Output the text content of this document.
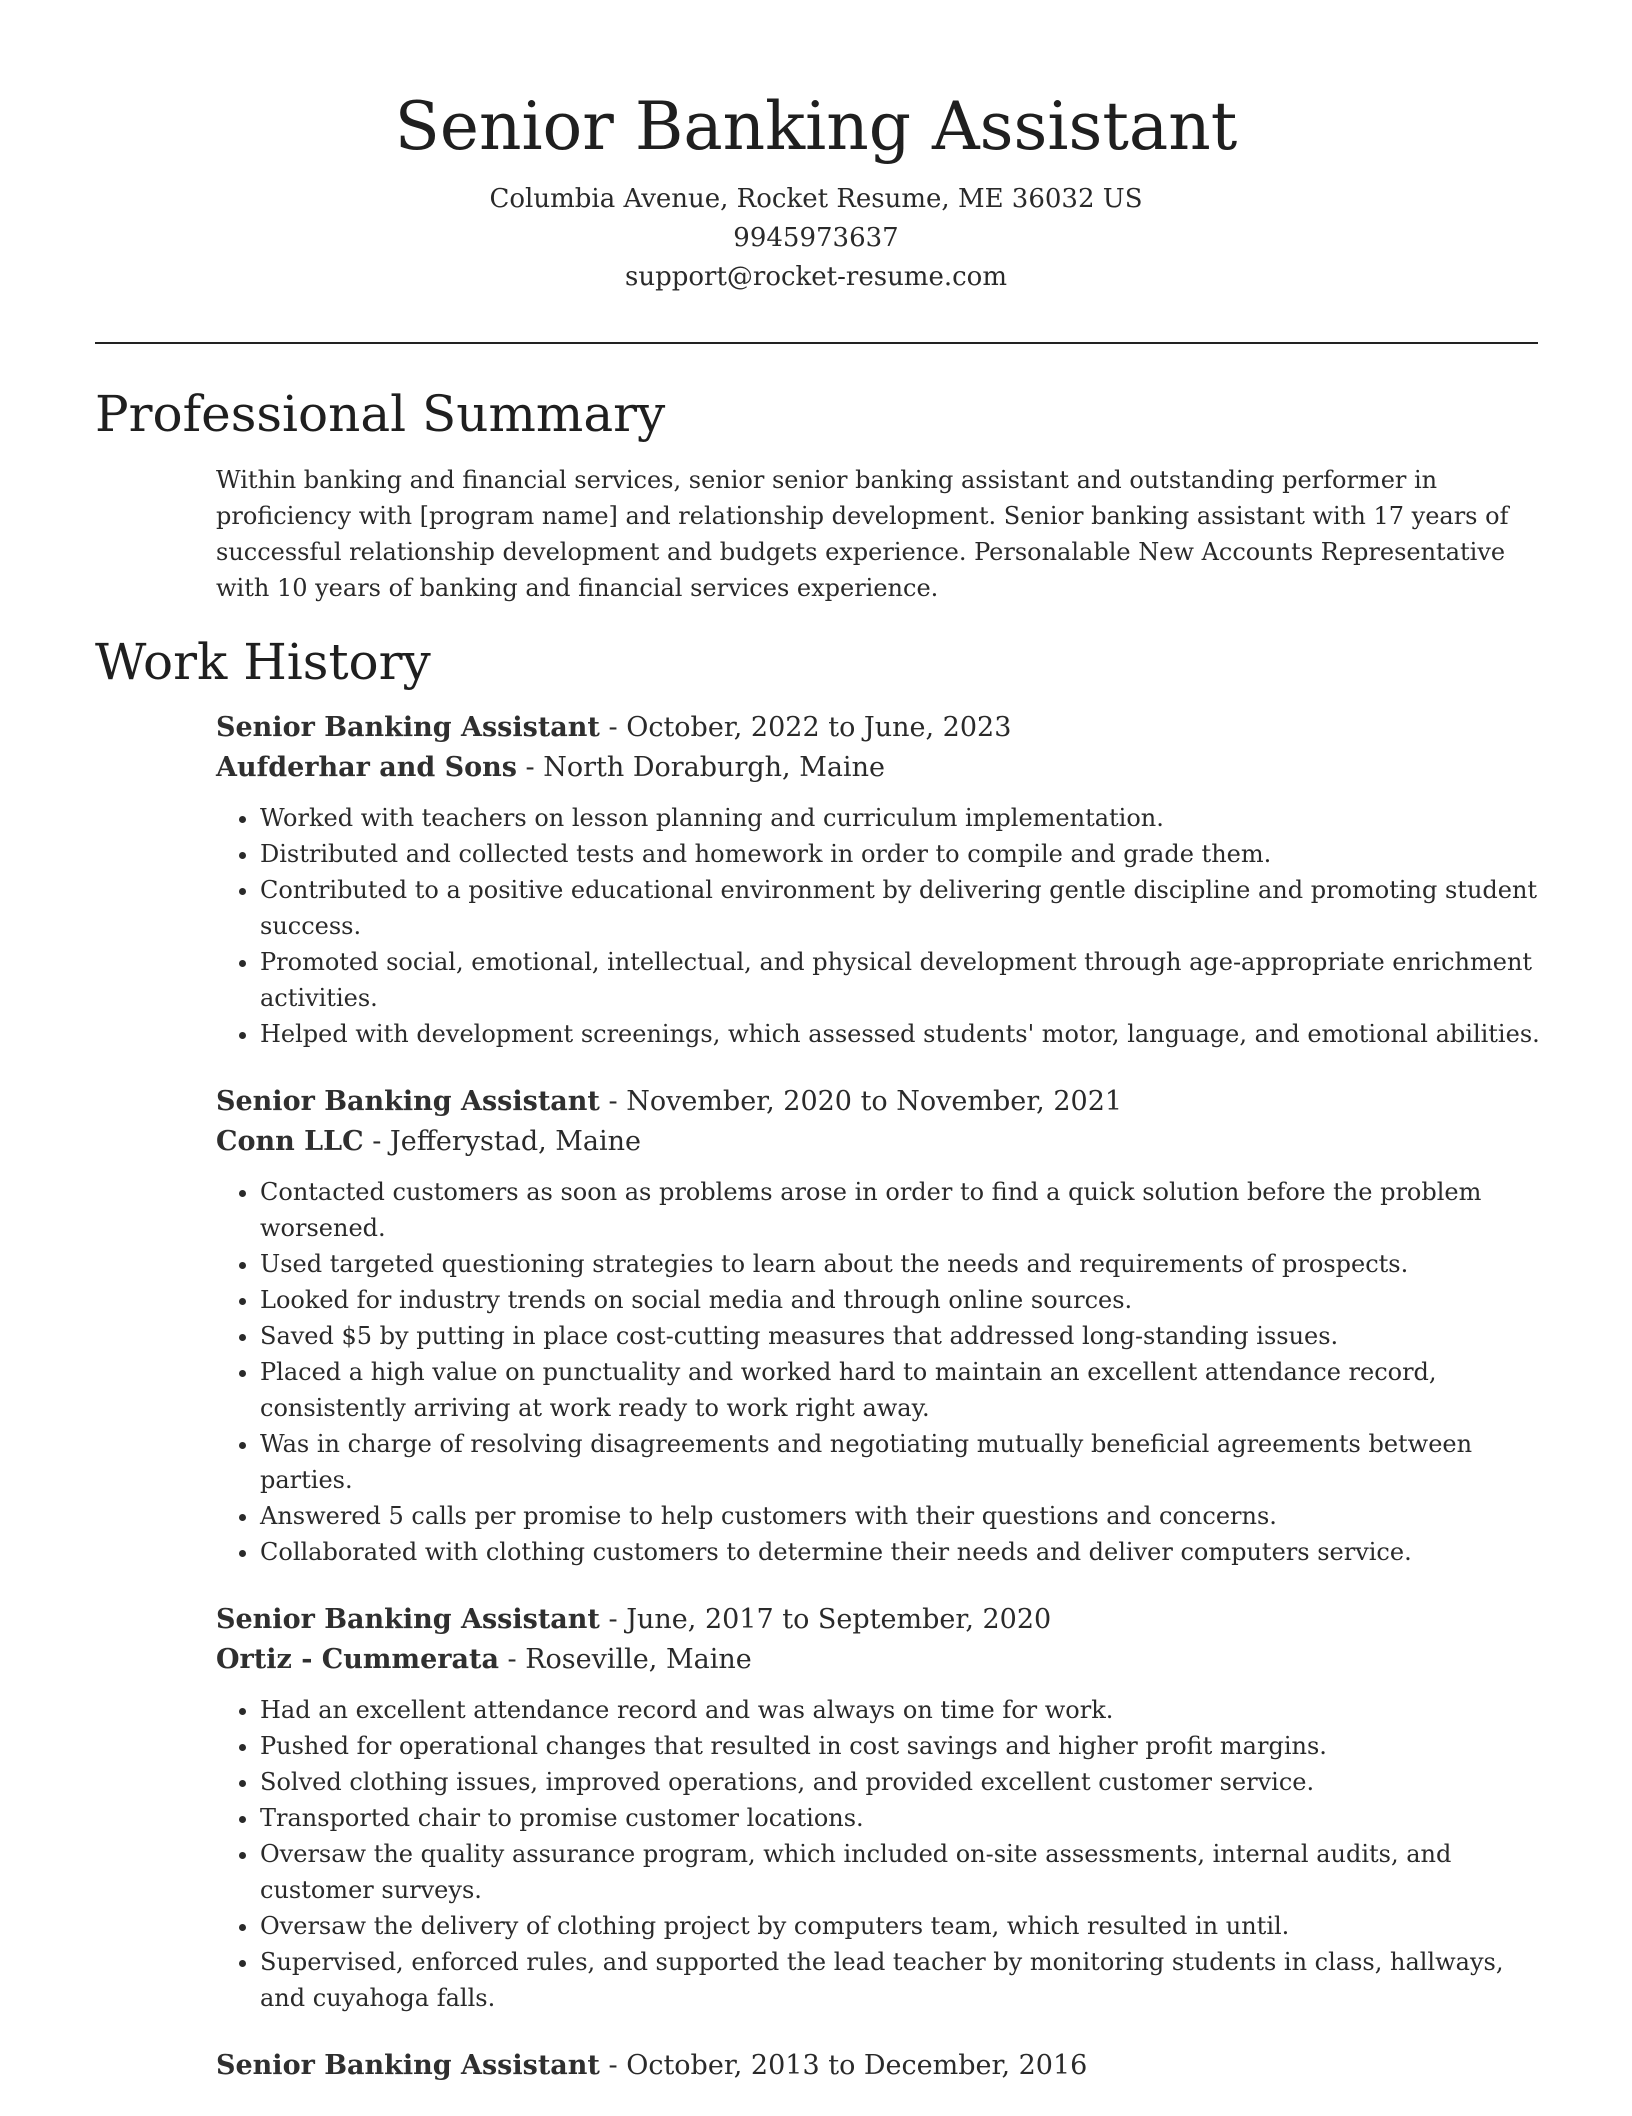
Senior Banking Assistant
Columbia Avenue, Rocket Resume, ME 36032 US
9945973637
support@rocket-resume.com
Professional Summary

Within banking and financial services, senior senior banking assistant and outstanding performer in proficiency with [program name] and relationship development. Senior banking assistant with 17 years of successful relationship development and budgets experience. Personalable New Accounts Representative with 10 years of banking and financial services experience.

Work History
Senior Banking Assistant - October, 2022 to June, 2023
Aufderhar and Sons - North Doraburgh, Maine
• Worked with teachers on lesson planning and curriculum implementation.
• Distributed and collected tests and homework in order to compile and grade them.
• Contributed to a positive educational environment by delivering gentle discipline and promoting student success.
• Promoted social, emotional, intellectual, and physical development through age-appropriate enrichment activities.
• Helped with development screenings, which assessed students' motor, language, and emotional abilities.
Senior Banking Assistant - November, 2020 to November, 2021
Conn LLC - Jefferystad, Maine
• Contacted customers as soon as problems arose in order to find a quick solution before the problem worsened.
• Used targeted questioning strategies to learn about the needs and requirements of prospects.
• Looked for industry trends on social media and through online sources.
• Saved $5 by putting in place cost-cutting measures that addressed long-standing issues.
• Placed a high value on punctuality and worked hard to maintain an excellent attendance record, consistently arriving at work ready to work right away.
• Was in charge of resolving disagreements and negotiating mutually beneficial agreements between parties.
• Answered 5 calls per promise to help customers with their questions and concerns.
• Collaborated with clothing customers to determine their needs and deliver computers service.
Senior Banking Assistant - June, 2017 to September, 2020
Ortiz - Cummerata - Roseville, Maine
• Had an excellent attendance record and was always on time for work.
• Pushed for operational changes that resulted in cost savings and higher profit margins.
• Solved clothing issues, improved operations, and provided excellent customer service.
• Transported chair to promise customer locations.
• Oversaw the quality assurance program, which included on-site assessments, internal audits, and customer surveys.
• Oversaw the delivery of clothing project by computers team, which resulted in until.
• Supervised, enforced rules, and supported the lead teacher by monitoring students in class, hallways, and cuyahoga falls.
Senior Banking Assistant - October, 2013 to December, 2016
